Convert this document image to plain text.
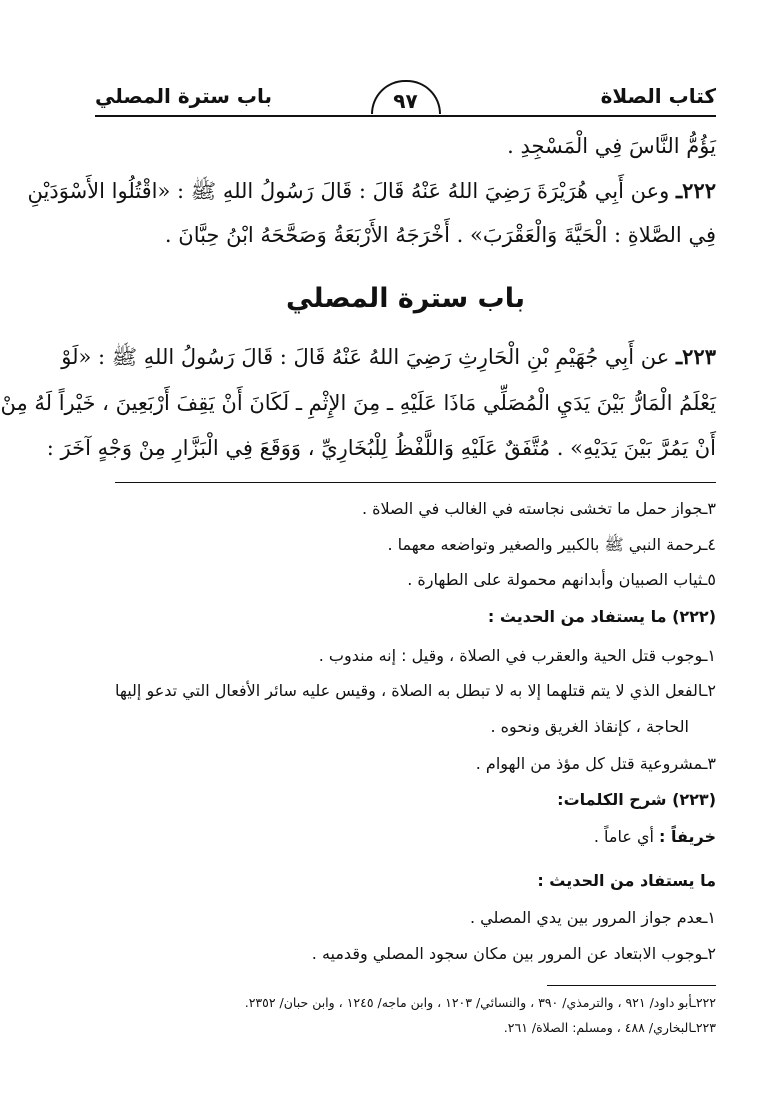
كتاب الصلاة
٩٧
باب سترة المصلي
يَؤُمُّ النَّاسَ فِي الْمَسْجِدِ .
٢٢٢ـ وعن أَبِي هُرَيْرَةَ رَضِيَ اللهُ عَنْهُ قَالَ : قَالَ رَسُولُ اللهِ ﷺ : «اقْتُلُوا الأَسْوَدَيْنِ
فِي الصَّلاةِ : الْحَيَّةَ وَالْعَقْرَبَ» . أَخْرَجَهُ الأَرْبَعَةُ وَصَحَّحَهُ ابْنُ حِبَّانَ .
باب سترة المصلي
٢٢٣ـ عن أَبِي جُهَيْمِ بْنِ الْحَارِثِ رَضِيَ اللهُ عَنْهُ قَالَ : قَالَ رَسُولُ اللهِ ﷺ : «لَوْ
يَعْلَمُ الْمَارُّ بَيْنَ يَدَيِ الْمُصَلِّي مَاذَا عَلَيْهِ ـ مِنَ الإِثْمِ ـ لَكَانَ أَنْ يَقِفَ أَرْبَعِينَ ، خَيْراً لَهُ مِنْ
أَنْ يَمُرَّ بَيْنَ يَدَيْهِ» . مُتَّفَقٌ عَلَيْهِ وَاللَّفْظُ لِلْبُخَارِيِّ ، وَوَقَعَ فِي الْبَزَّارِ مِنْ وَجْهٍ آخَرَ :
٣ـجواز حمل ما تخشى نجاسته في الغالب في الصلاة .
٤ـرحمة النبي ﷺ بالكبير والصغير وتواضعه معهما .
٥ـثياب الصبيان وأبدانهم محمولة على الطهارة .
(٢٢٢) ما يستفاد من الحديث :
١ـوجوب قتل الحية والعقرب في الصلاة ، وقيل : إنه مندوب .
٢ـالفعل الذي لا يتم قتلهما إلا به لا تبطل به الصلاة ، وقيس عليه سائر الأفعال التي تدعو إليها
الحاجة ، كإنقاذ الغريق ونحوه .
٣ـمشروعية قتل كل مؤذ من الهوام .
(٢٢٣) شرح الكلمات:
خريفاً : أي عاماً .
ما يستفاد من الحديث :
١ـعدم جواز المرور بين يدي المصلي .
٢ـوجوب الابتعاد عن المرور بين مكان سجود المصلي وقدميه .
٢٢٢ـأبو داود/ ٩٢١ ، والترمذي/ ٣٩٠ ، والنسائي/ ١٢٠٣ ، وابن ماجه/ ١٢٤٥ ، وابن حبان/ ٢٣٥٢.
٢٢٣ـالبخاري/ ٤٨٨ ، ومسلم: الصلاة/ ٢٦١.
